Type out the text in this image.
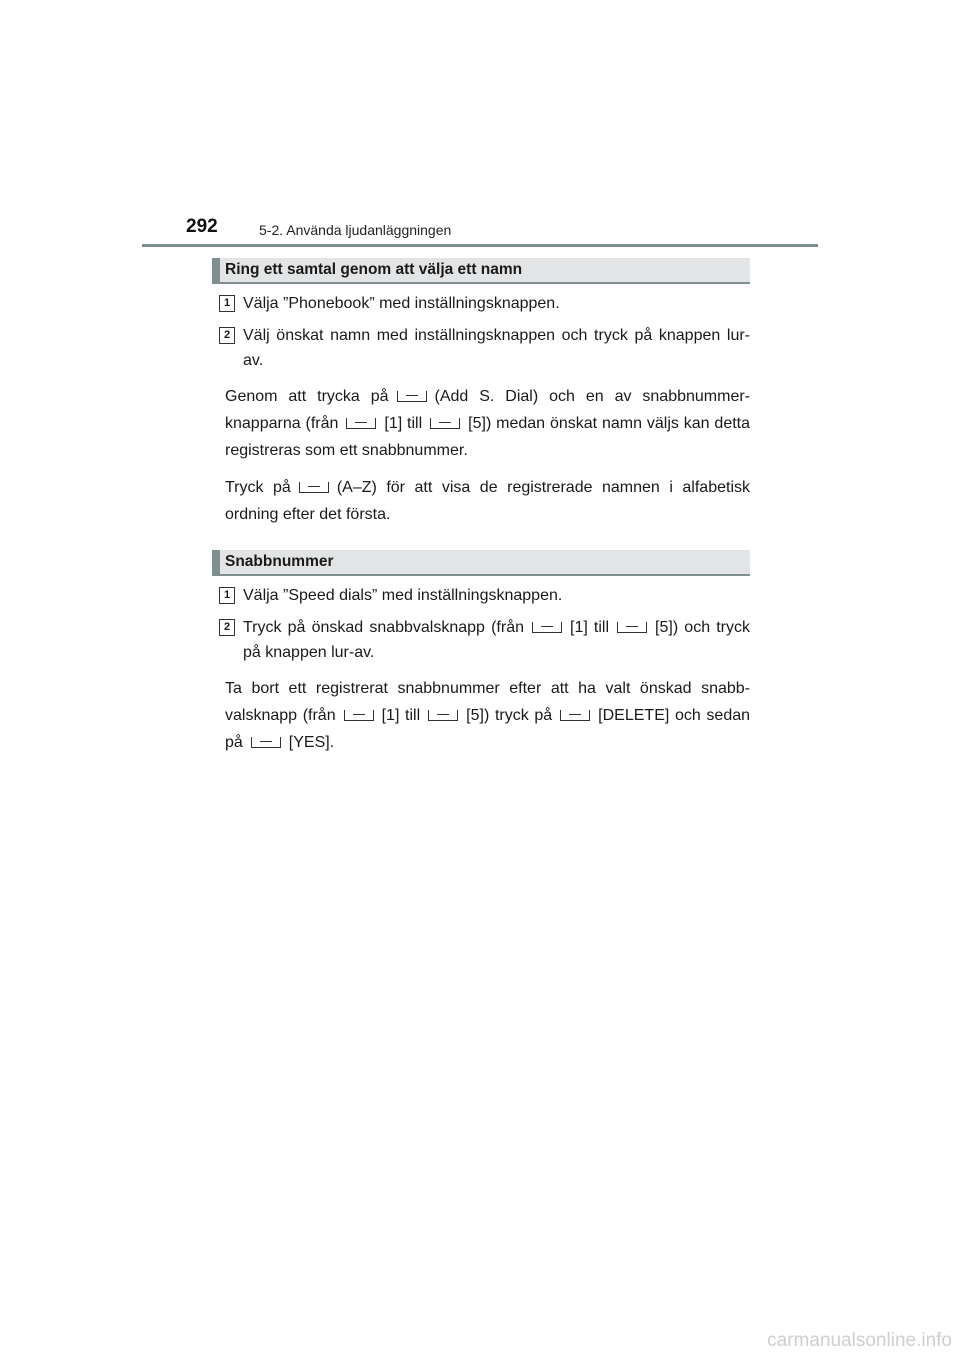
292	5-2. Använda ljudanläggningen
Ring ett samtal genom att välja ett namn
1 Välja ”Phonebook” med inställningsknappen.
2 Välj önskat namn med inställningsknappen och tryck på knappen lur-av.
Genom att trycka på	(Add S. Dial) och en av snabbnummer-knapparna (från	[1] till	[5]) medan önskat namn väljs kan detta registreras som ett snabbnummer.
Tryck på	(A–Z) för att visa de registrerade namnen i alfabetisk ordning efter det första.
Snabbnummer
1 Välja ”Speed dials” med inställningsknappen.
2 Tryck på önskad snabbvalsknapp (från	[1] till	[5]) och tryck på knappen lur-av.
Ta bort ett registrerat snabbnummer efter att ha valt önskad snabb-valsknapp (från	[1] till	[5]) tryck på	[DELETE] och sedan på	[YES].
carmanualsonline.info
